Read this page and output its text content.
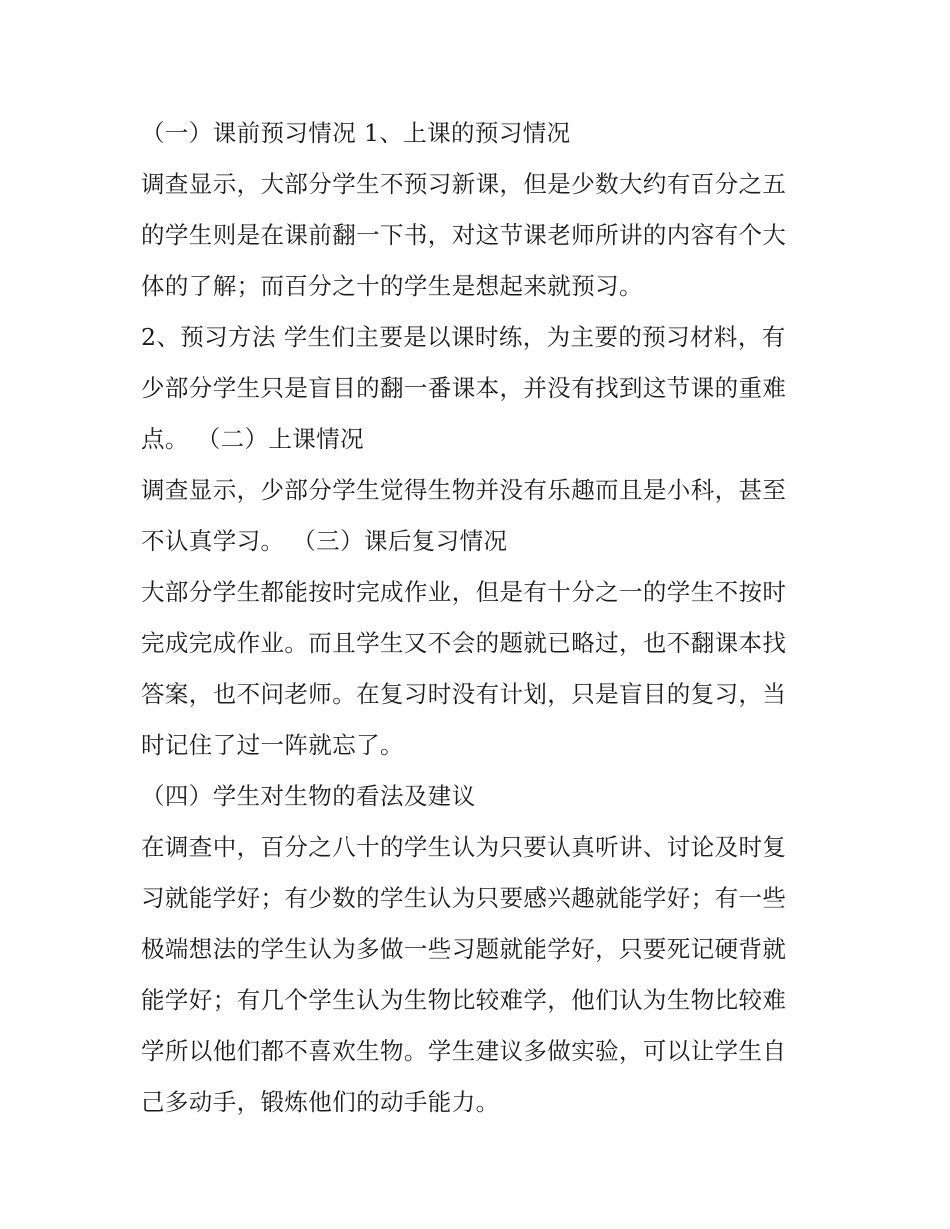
（一）课前预习情况 1、上课的预习情况
调查显示，大部分学生不预习新课，但是少数大约有百分之五
的学生则是在课前翻一下书，对这节课老师所讲的内容有个大
体的了解；而百分之十的学生是想起来就预习。
2、预习方法 学生们主要是以课时练，为主要的预习材料，有
少部分学生只是盲目的翻一番课本，并没有找到这节课的重难
点。 （二）上课情况
调查显示，少部分学生觉得生物并没有乐趣而且是小科，甚至
不认真学习。 （三）课后复习情况
大部分学生都能按时完成作业，但是有十分之一的学生不按时
完成完成作业。而且学生又不会的题就已略过，也不翻课本找
答案，也不问老师。在复习时没有计划，只是盲目的复习，当
时记住了过一阵就忘了。
（四）学生对生物的看法及建议
在调查中，百分之八十的学生认为只要认真听讲、讨论及时复
习就能学好；有少数的学生认为只要感兴趣就能学好；有一些
极端想法的学生认为多做一些习题就能学好，只要死记硬背就
能学好；有几个学生认为生物比较难学，他们认为生物比较难
学所以他们都不喜欢生物。学生建议多做实验，可以让学生自
己多动手，锻炼他们的动手能力。
